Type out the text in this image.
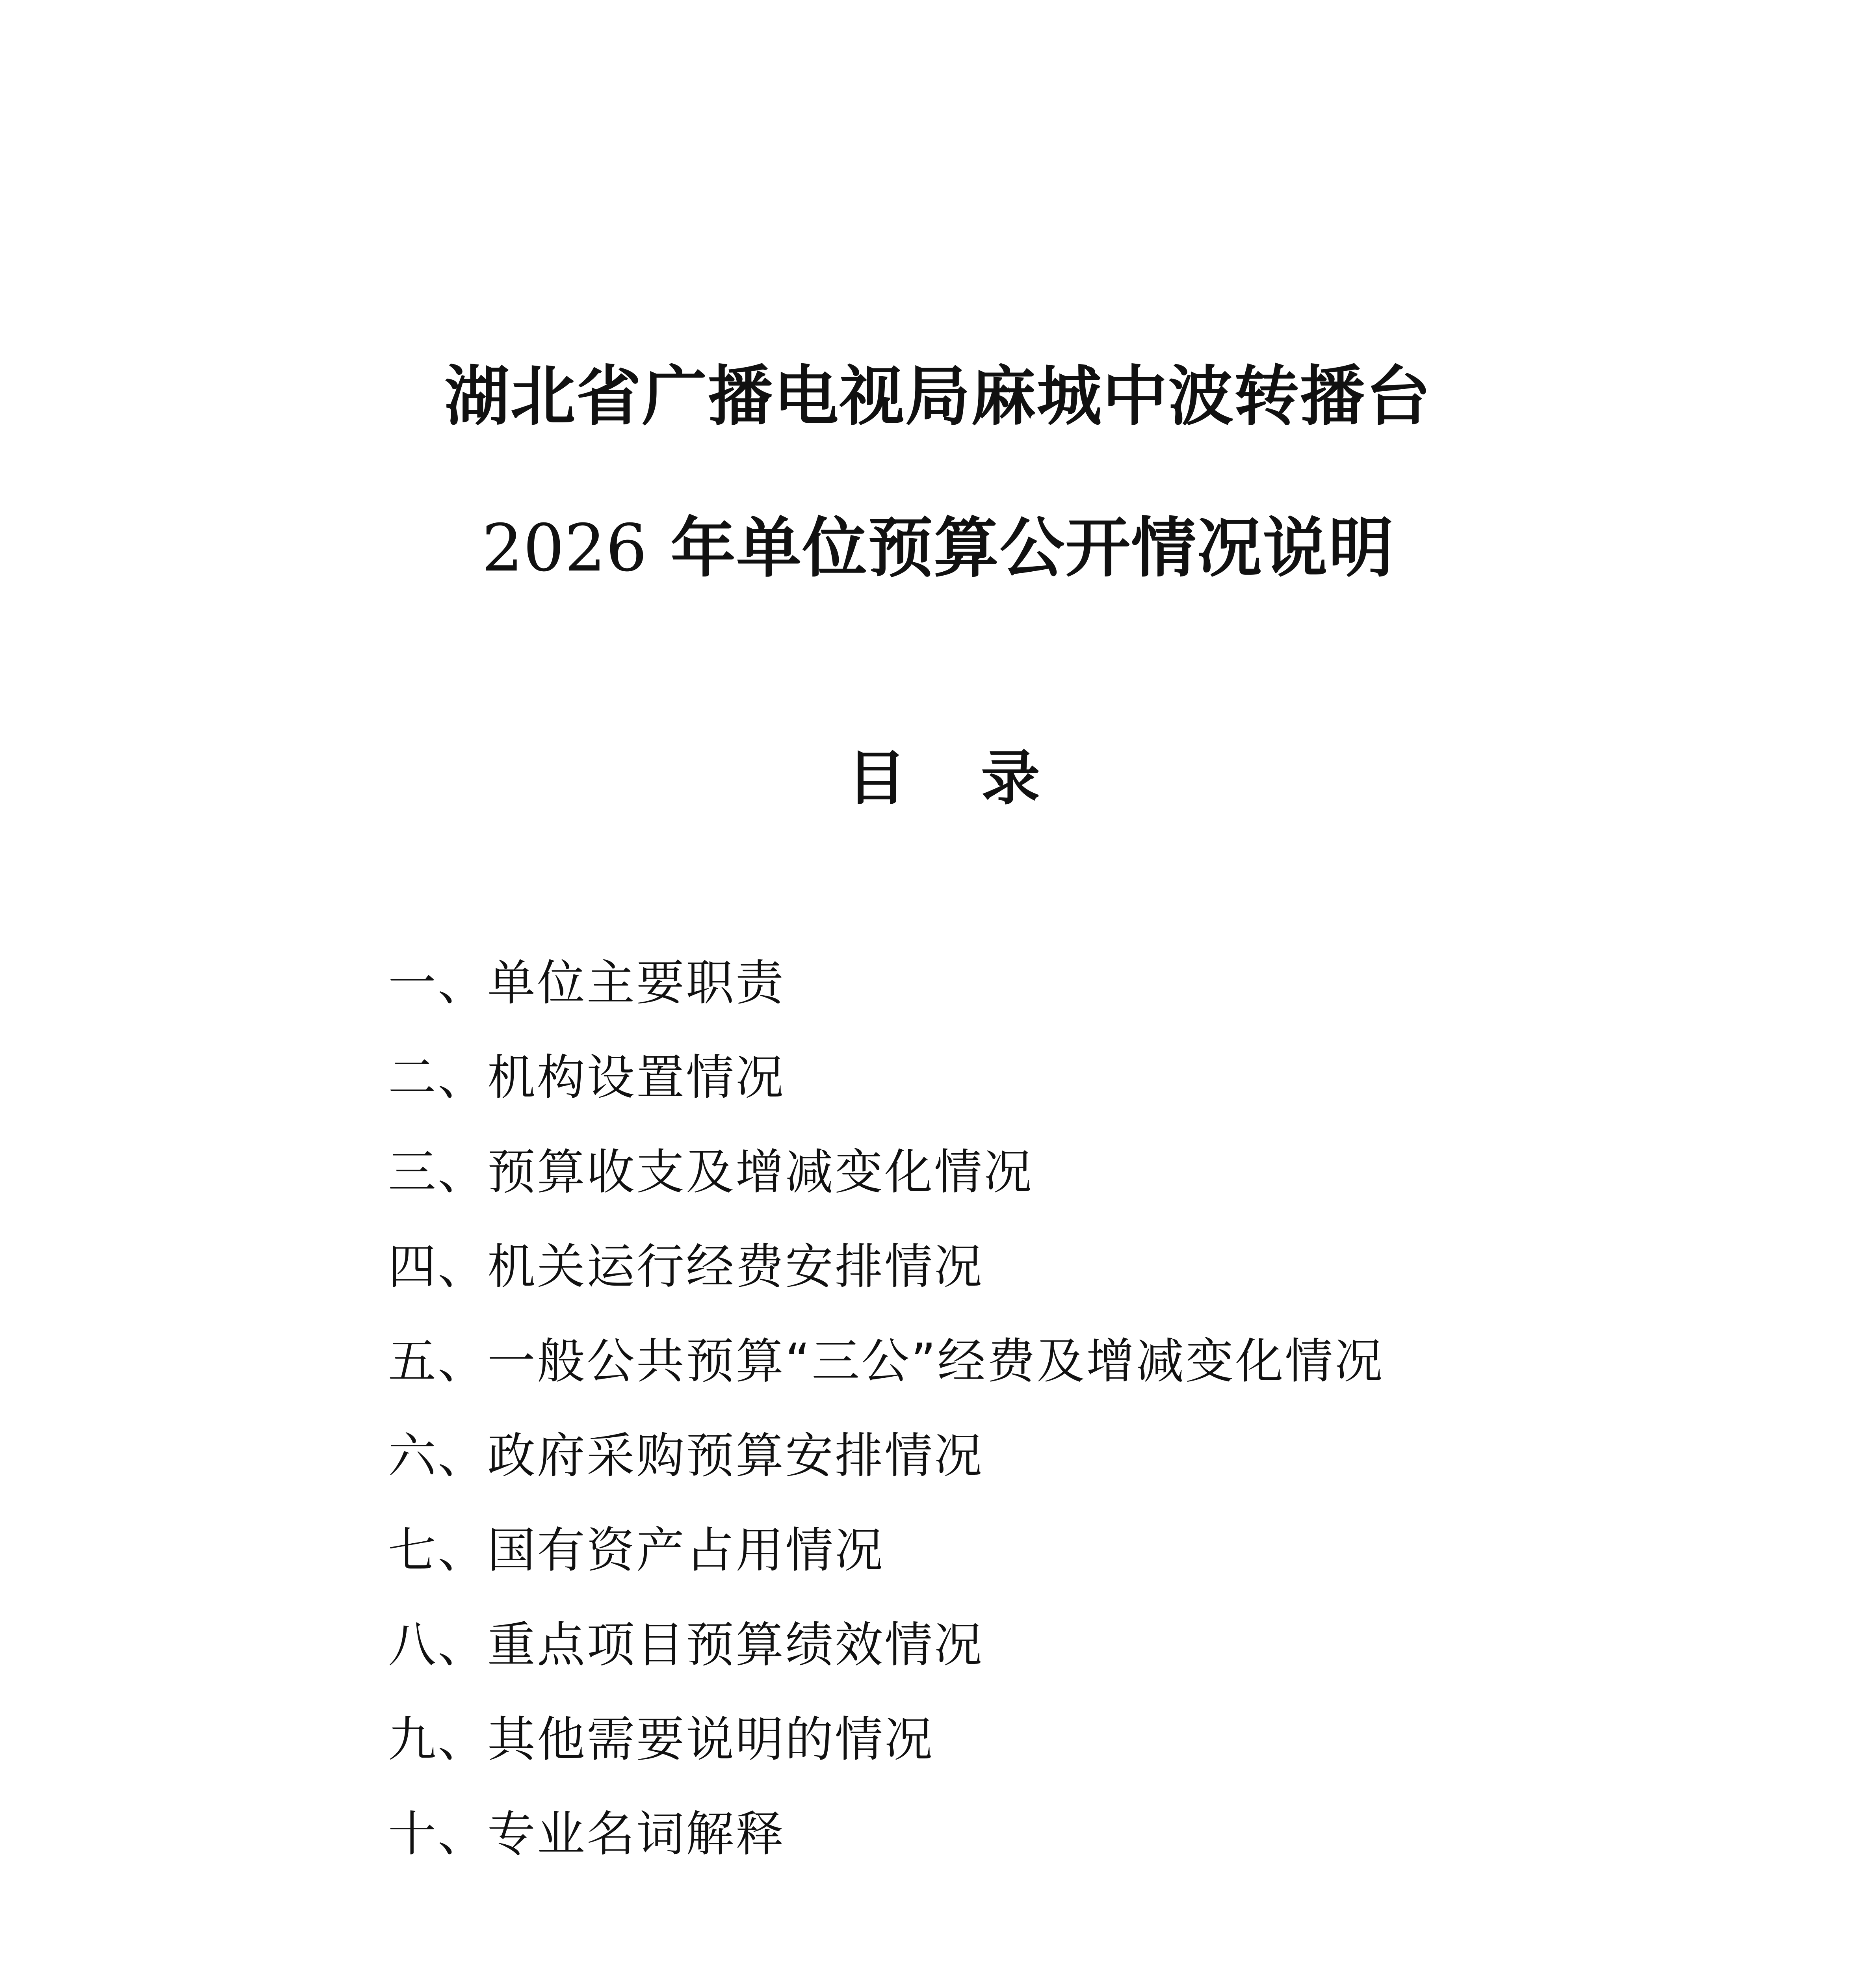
湖北省广播电视局麻城中波转播台
2026 年单位预算公开情况说明
目 录
一、单位主要职责
二、机构设置情况
三、预算收支及增减变化情况
四、机关运行经费安排情况
五、一般公共预算“三公”经费及增减变化情况
六、政府采购预算安排情况
七、国有资产占用情况
八、重点项目预算绩效情况
九、其他需要说明的情况
十、专业名词解释
